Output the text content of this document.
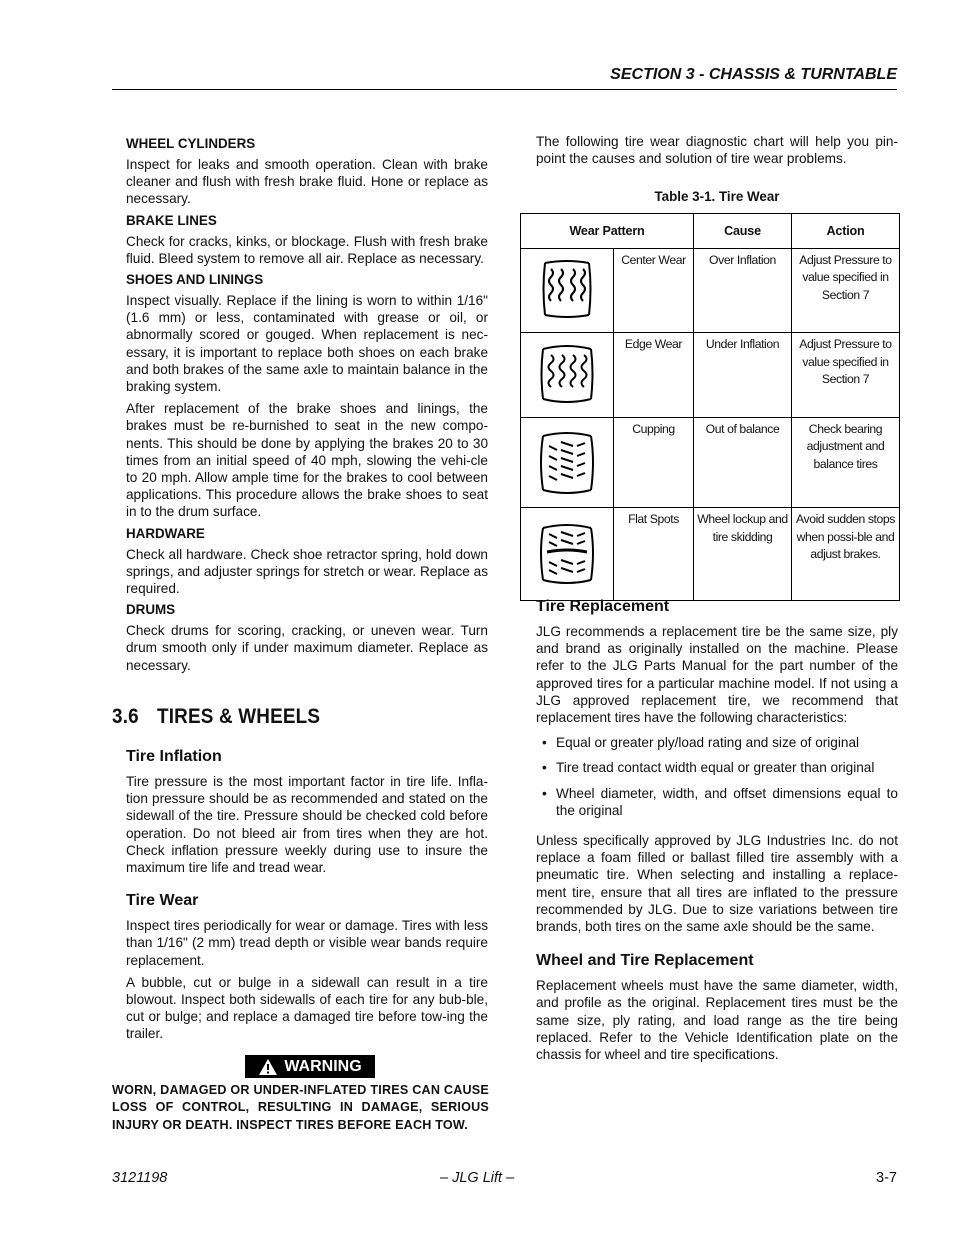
SECTION 3 - CHASSIS & TURNTABLE
WHEEL CYLINDERS

Inspect for leaks and smooth operation. Clean with brake cleaner and flush with fresh brake fluid. Hone or replace as necessary.

BRAKE LINES

Check for cracks, kinks, or blockage. Flush with fresh brake fluid. Bleed system to remove all air. Replace as necessary.

SHOES AND LININGS

Inspect visually. Replace if the lining is worn to within 1/16" (1.6 mm) or less, contaminated with grease or oil, or abnormally scored or gouged. When replacement is nec-essary, it is important to replace both shoes on each brake and both brakes of the same axle to maintain balance in the braking system.

After replacement of the brake shoes and linings, the brakes must be re-burnished to seat in the new compo-nents. This should be done by applying the brakes 20 to 30 times from an initial speed of 40 mph, slowing the vehi-cle to 20 mph. Allow ample time for the brakes to cool between applications. This procedure allows the brake shoes to seat in to the drum surface.

HARDWARE

Check all hardware. Check shoe retractor spring, hold down springs, and adjuster springs for stretch or wear. Replace as required.

DRUMS

Check drums for scoring, cracking, or uneven wear. Turn drum smooth only if under maximum diameter. Replace as necessary.

3.6 TIRES & WHEELS
Tire Inflation

Tire pressure is the most important factor in tire life. Infla-tion pressure should be as recommended and stated on the sidewall of the tire. Pressure should be checked cold before operation. Do not bleed air from tires when they are hot. Check inflation pressure weekly during use to insure the maximum tire life and tread wear.

Tire Wear

Inspect tires periodically for wear or damage. Tires with less than 1/16" (2 mm) tread depth or visible wear bands require replacement.

A bubble, cut or bulge in a sidewall can result in a tire blowout. Inspect both sidewalls of each tire for any bub-ble, cut or bulge; and replace a damaged tire before tow-ing the trailer.

WARNING
WORN, DAMAGED OR UNDER-INFLATED TIRES CAN CAUSE LOSS OF CONTROL, RESULTING IN DAMAGE, SERIOUS INJURY OR DEATH. INSPECT TIRES BEFORE EACH TOW.

The following tire wear diagnostic chart will help you pin-point the causes and solution of tire wear problems.

Table 3-1. Tire Wear
Wear Pattern		Cause	Action
	Center Wear	Over Inflation	Adjust Pressure to value specified in Section 7
	Edge Wear	Under Inflation	Adjust Pressure to value specified in Section 7
	Cupping	Out of balance	Check bearing adjustment and balance tires
	Flat Spots	Wheel lockup and tire skidding	Avoid sudden stops when possi-ble and adjust brakes.
Tire Replacement

JLG recommends a replacement tire be the same size, ply and brand as originally installed on the machine. Please refer to the JLG Parts Manual for the part number of the approved tires for a particular machine model. If not using a JLG approved replacement tire, we recommend that replacement tires have the following characteristics:

• Equal or greater ply/load rating and size of original
• Tire tread contact width equal or greater than original
• Wheel diameter, width, and offset dimensions equal to the original

Unless specifically approved by JLG Industries Inc. do not replace a foam filled or ballast filled tire assembly with a pneumatic tire. When selecting and installing a replace-ment tire, ensure that all tires are inflated to the pressure recommended by JLG. Due to size variations between tire brands, both tires on the same axle should be the same.

Wheel and Tire Replacement

Replacement wheels must have the same diameter, width, and profile as the original. Replacement tires must be the same size, ply rating, and load range as the tire being replaced. Refer to the Vehicle Identification plate on the chassis for wheel and tire specifications.

3121198	– JLG Lift –	3-7
